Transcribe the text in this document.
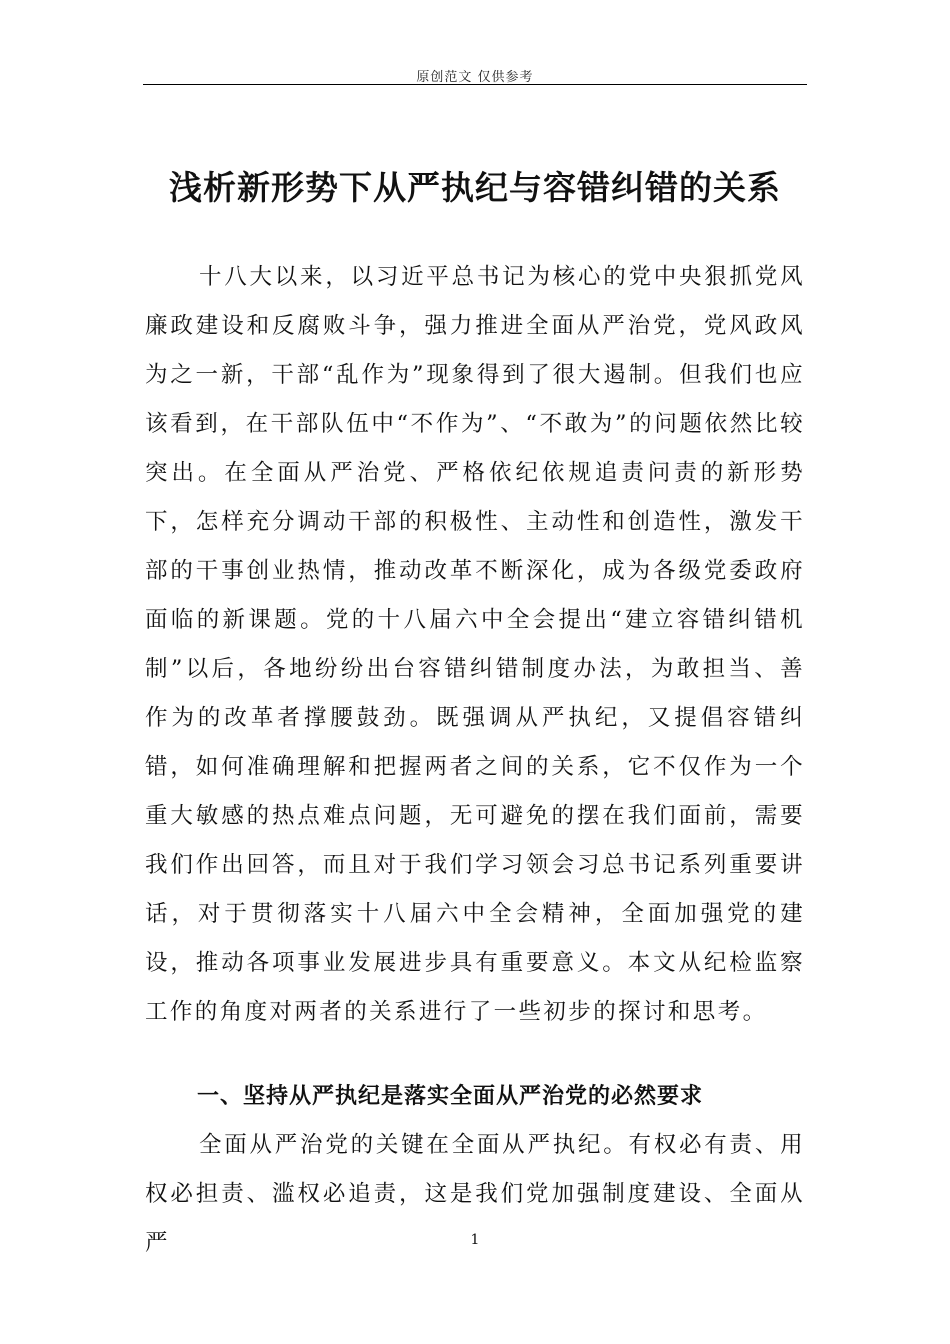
原创范文 仅供参考
浅析新形势下从严执纪与容错纠错的关系

十八大以来，以习近平总书记为核心的党中央狠抓党风廉政建设和反腐败斗争，强力推进全面从严治党，党风政风为之一新，干部“乱作为”现象得到了很大遏制。但我们也应该看到，在干部队伍中“不作为”、“不敢为”的问题依然比较突出。在全面从严治党、严格依纪依规追责问责的新形势下，怎样充分调动干部的积极性、主动性和创造性，激发干部的干事创业热情，推动改革不断深化，成为各级党委政府面临的新课题。党的十八届六中全会提出“建立容错纠错机制”以后，各地纷纷出台容错纠错制度办法，为敢担当、善作为的改革者撑腰鼓劲。既强调从严执纪，又提倡容错纠错，如何准确理解和把握两者之间的关系，它不仅作为一个重大敏感的热点难点问题，无可避免的摆在我们面前，需要我们作出回答，而且对于我们学习领会习总书记系列重要讲话，对于贯彻落实十八届六中全会精神，全面加强党的建设，推动各项事业发展进步具有重要意义。本文从纪检监察工作的角度对两者的关系进行了一些初步的探讨和思考。

一、坚持从严执纪是落实全面从严治党的必然要求

全面从严治党的关键在全面从严执纪。有权必有责、用权必担责、滥权必追责，这是我们党加强制度建设、全面从严	1
